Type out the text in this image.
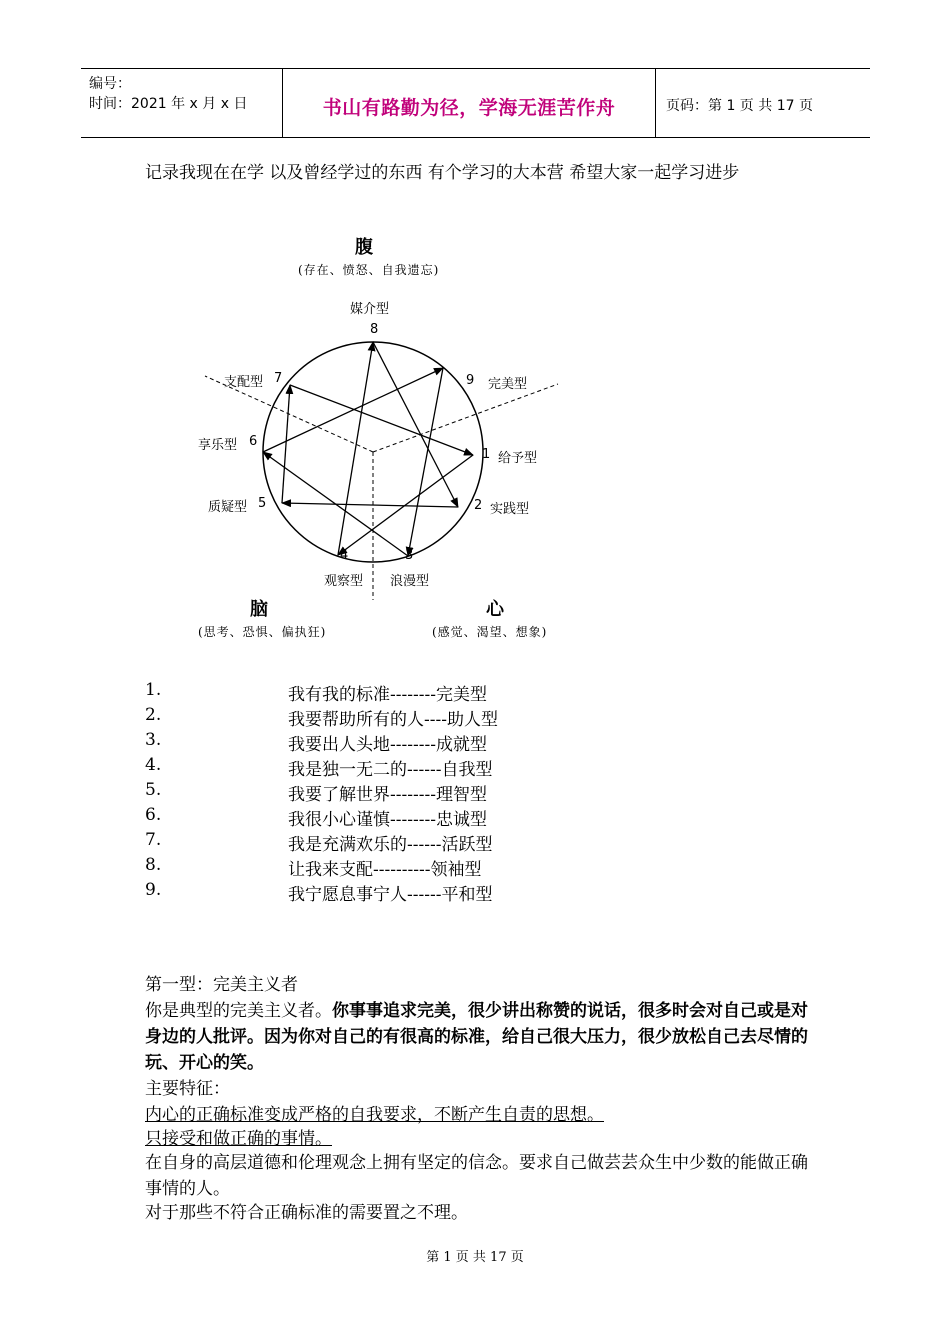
编号：
时间：2021 年 x 月 x 日	书山有路勤为径，学海无涯苦作舟	页码：第 1 页 共 17 页
记录我现在在学 以及曾经学过的东西 有个学习的大本营 希望大家一起学习进步
腹
(存在、愤怒、自我遗忘)
媒介型
8
9 完美型
1 给予型
2 实践型
3
浪漫型
4
观察型
质疑型 5
享乐型 6
支配型 7
脑
(思考、恐惧、偏执狂)
心
(感觉、渴望、想象)
1.	我有我的标准--------完美型
2.	我要帮助所有的人----助人型
3.	我要出人头地--------成就型
4.	我是独一无二的------自我型
5.	我要了解世界--------理智型
6.	我很小心谨慎--------忠诚型
7.	我是充满欢乐的------活跃型
8.	让我来支配----------领袖型
9.	我宁愿息事宁人------平和型
第一型：完美主义者
你是典型的完美主义者。你事事追求完美，很少讲出称赞的说话，很多时会对自己或是对身边的人批评。因为你对自己的有很高的标准，给自己很大压力，很少放松自己去尽情的玩、开心的笑。
主要特征：
内心的正确标准变成严格的自我要求，不断产生自责的思想。
只接受和做正确的事情。
在自身的高层道德和伦理观念上拥有坚定的信念。要求自己做芸芸众生中少数的能做正确事情的人。
对于那些不符合正确标准的需要置之不理。
第 1 页 共 17 页
